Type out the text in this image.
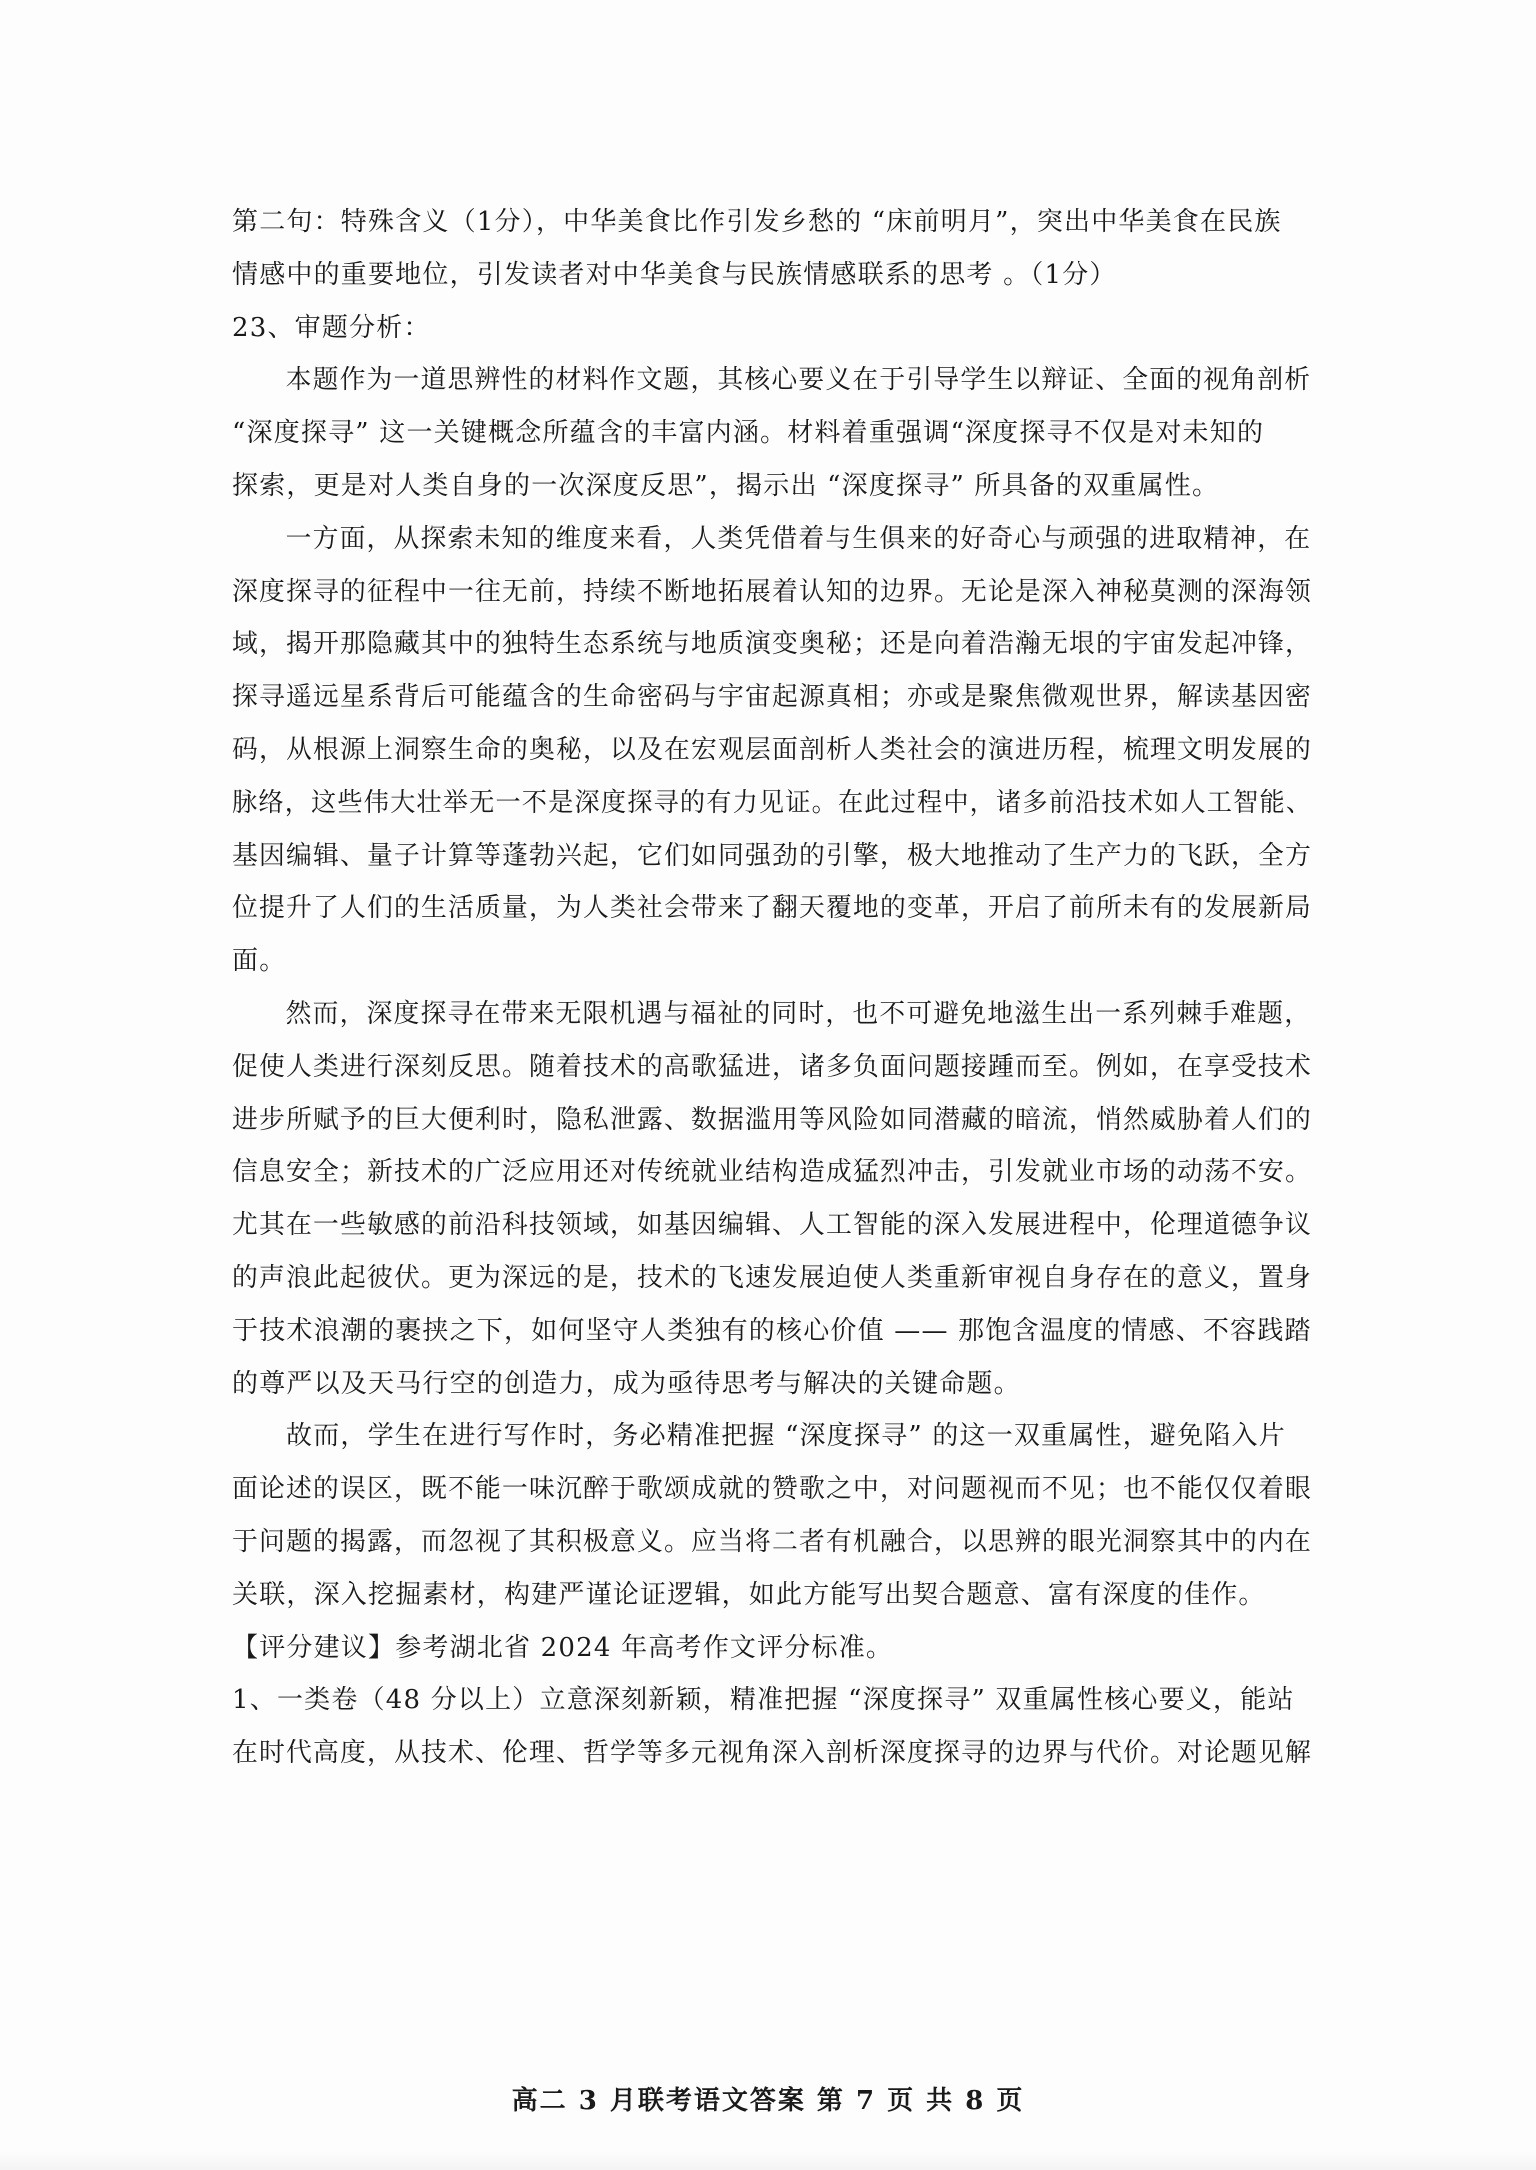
第二句：特殊含义（1分），中华美食比作引发乡愁的 “床前明月”，突出中华美食在民族
情感中的重要地位，引发读者对中华美食与民族情感联系的思考 。（1分）
23、审题分析：
本题作为一道思辨性的材料作文题，其核心要义在于引导学生以辩证、全面的视角剖析
“深度探寻” 这一关键概念所蕴含的丰富内涵。材料着重强调“深度探寻不仅是对未知的
探索，更是对人类自身的一次深度反思”，揭示出 “深度探寻” 所具备的双重属性。
一方面，从探索未知的维度来看，人类凭借着与生俱来的好奇心与顽强的进取精神，在
深度探寻的征程中一往无前，持续不断地拓展着认知的边界。无论是深入神秘莫测的深海领
域，揭开那隐藏其中的独特生态系统与地质演变奥秘；还是向着浩瀚无垠的宇宙发起冲锋，
探寻遥远星系背后可能蕴含的生命密码与宇宙起源真相；亦或是聚焦微观世界，解读基因密
码，从根源上洞察生命的奥秘，以及在宏观层面剖析人类社会的演进历程，梳理文明发展的
脉络，这些伟大壮举无一不是深度探寻的有力见证。在此过程中，诸多前沿技术如人工智能、
基因编辑、量子计算等蓬勃兴起，它们如同强劲的引擎，极大地推动了生产力的飞跃，全方
位提升了人们的生活质量，为人类社会带来了翻天覆地的变革，开启了前所未有的发展新局
面。
然而，深度探寻在带来无限机遇与福祉的同时，也不可避免地滋生出一系列棘手难题，
促使人类进行深刻反思。随着技术的高歌猛进，诸多负面问题接踵而至。例如，在享受技术
进步所赋予的巨大便利时，隐私泄露、数据滥用等风险如同潜藏的暗流，悄然威胁着人们的
信息安全；新技术的广泛应用还对传统就业结构造成猛烈冲击，引发就业市场的动荡不安。
尤其在一些敏感的前沿科技领域，如基因编辑、人工智能的深入发展进程中，伦理道德争议
的声浪此起彼伏。更为深远的是，技术的飞速发展迫使人类重新审视自身存在的意义，置身
于技术浪潮的裹挟之下，如何坚守人类独有的核心价值 —— 那饱含温度的情感、不容践踏
的尊严以及天马行空的创造力，成为亟待思考与解决的关键命题。
故而，学生在进行写作时，务必精准把握 “深度探寻” 的这一双重属性，避免陷入片
面论述的误区，既不能一味沉醉于歌颂成就的赞歌之中，对问题视而不见；也不能仅仅着眼
于问题的揭露，而忽视了其积极意义。应当将二者有机融合，以思辨的眼光洞察其中的内在
关联，深入挖掘素材，构建严谨论证逻辑，如此方能写出契合题意、富有深度的佳作。
【评分建议】参考湖北省 2024 年高考作文评分标准。
1、一类卷（48 分以上）立意深刻新颖，精准把握 “深度探寻” 双重属性核心要义，能站
在时代高度，从技术、伦理、哲学等多元视角深入剖析深度探寻的边界与代价。对论题见解
高二 3 月联考语文答案 第 7 页 共 8 页
